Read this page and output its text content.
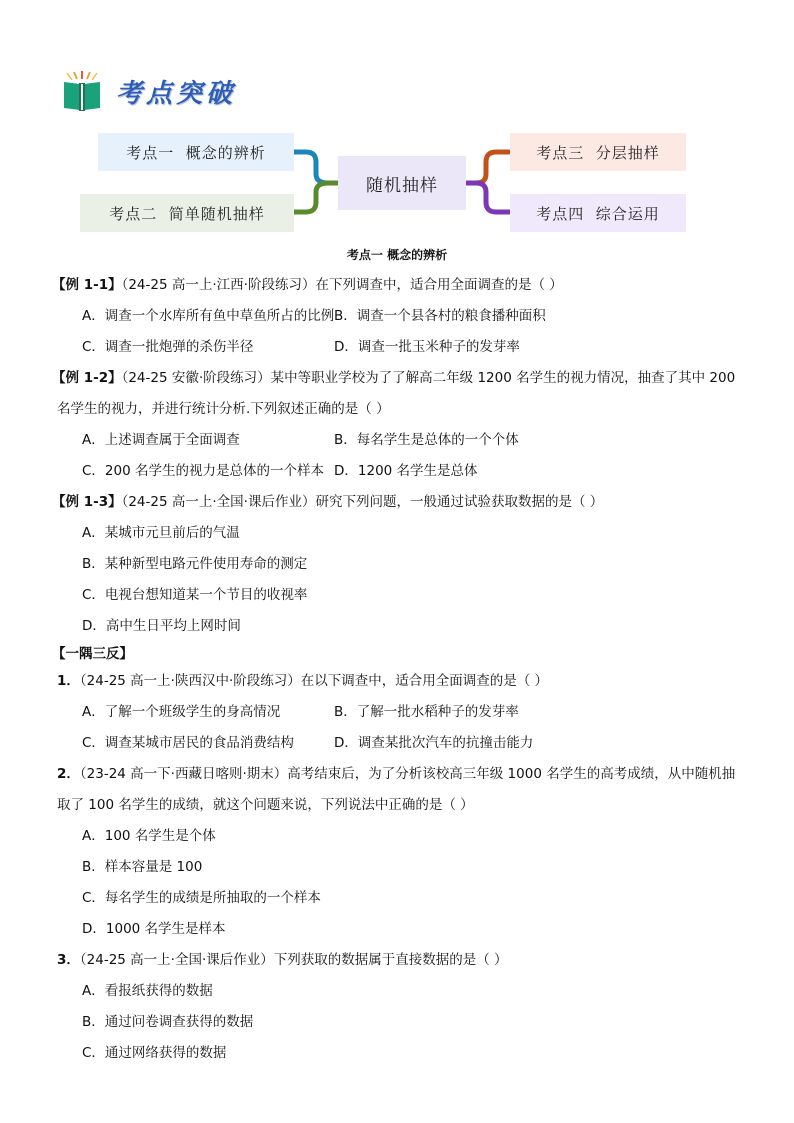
考点突破
考点一  概念的辨析
考点二  简单随机抽样
随机抽样
考点三  分层抽样
考点四  综合运用
考点一 概念的辨析
【例 1-1】（24-25 高一上·江西·阶段练习）在下列调查中，适合用全面调查的是（ ）
A．调查一个水库所有鱼中草鱼所占的比例 B．调查一个县各村的粮食播种面积
C．调查一批炮弹的杀伤半径	D．调查一批玉米种子的发芽率
【例 1-2】（24-25 安徽·阶段练习）某中等职业学校为了了解高二年级 1200 名学生的视力情况，抽查了其中 200
名学生的视力，并进行统计分析.下列叙述正确的是（ ）
A．上述调查属于全面调查	B．每名学生是总体的一个个体
C．200 名学生的视力是总体的一个样本 D．1200 名学生是总体
【例 1-3】（24-25 高一上·全国·课后作业）研究下列问题，一般通过试验获取数据的是（ ）
A．某城市元旦前后的气温
B．某种新型电路元件使用寿命的测定
C．电视台想知道某一个节目的收视率
D．高中生日平均上网时间
【一隅三反】
1．（24-25 高一上·陕西汉中·阶段练习）在以下调查中，适合用全面调查的是（ ）
A．了解一个班级学生的身高情况	B．了解一批水稻种子的发芽率
C．调查某城市居民的食品消费结构	D．调查某批次汽车的抗撞击能力
2．（23-24 高一下·西藏日喀则·期末）高考结束后，为了分析该校高三年级 1000 名学生的高考成绩，从中随机抽
取了 100 名学生的成绩，就这个问题来说，下列说法中正确的是（ ）
A．100 名学生是个体
B．样本容量是 100
C．每名学生的成绩是所抽取的一个样本
D．1000 名学生是样本
3．（24-25 高一上·全国·课后作业）下列获取的数据属于直接数据的是（ ）
A．看报纸获得的数据
B．通过问卷调查获得的数据
C．通过网络获得的数据
